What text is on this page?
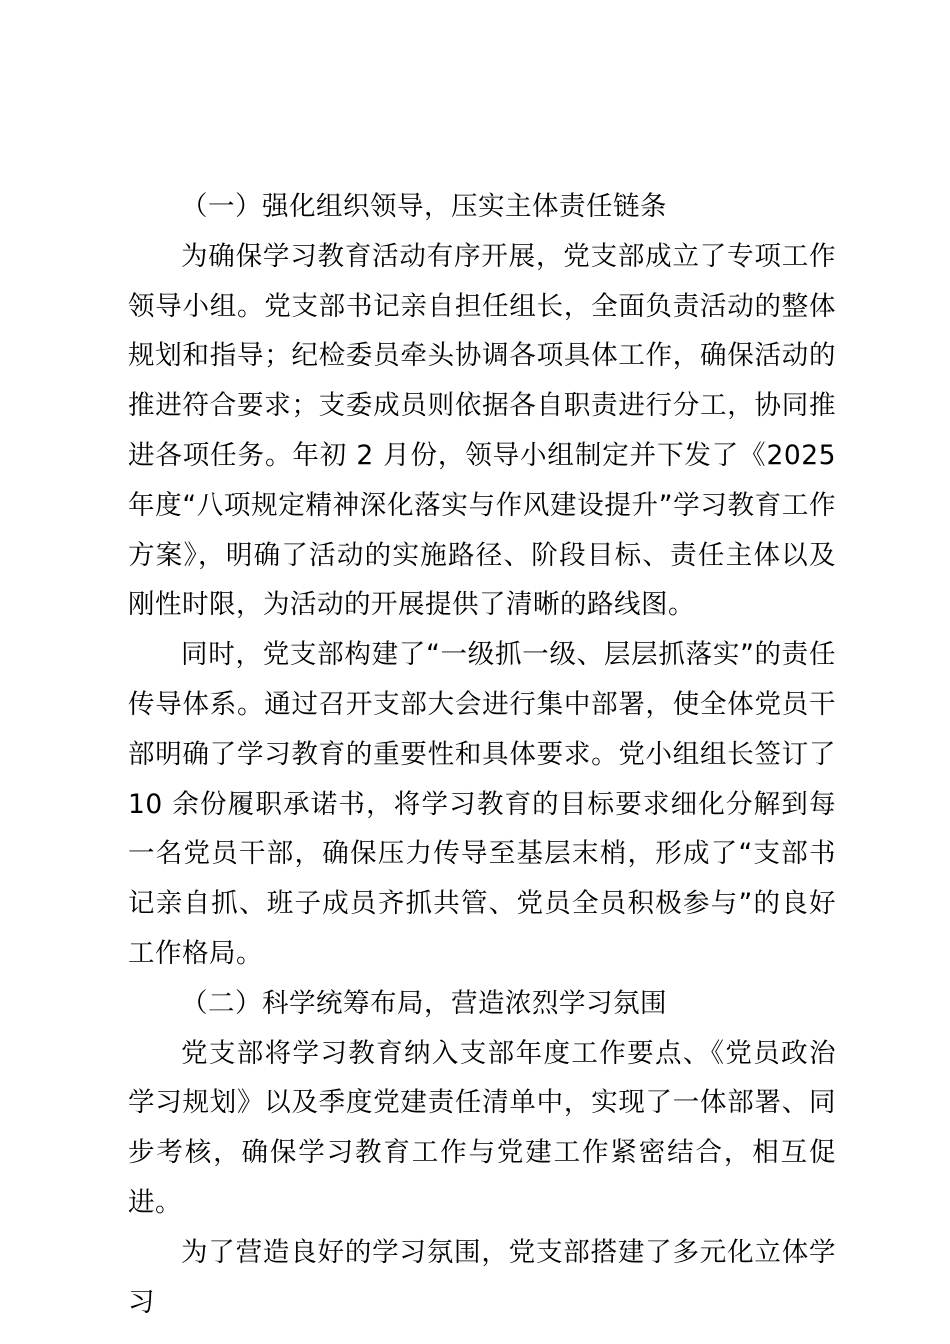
（一）强化组织领导，压实主体责任链条

为确保学习教育活动有序开展，党支部成立了专项工作领导小组。党支部书记亲自担任组长，全面负责活动的整体规划和指导；纪检委员牵头协调各项具体工作，确保活动的推进符合要求；支委成员则依据各自职责进行分工，协同推进各项任务。年初 2 月份，领导小组制定并下发了《2025 年度“八项规定精神深化落实与作风建设提升”学习教育工作方案》，明确了活动的实施路径、阶段目标、责任主体以及刚性时限，为活动的开展提供了清晰的路线图。

同时，党支部构建了“一级抓一级、层层抓落实”的责任传导体系。通过召开支部大会进行集中部署，使全体党员干部明确了学习教育的重要性和具体要求。党小组组长签订了 10 余份履职承诺书，将学习教育的目标要求细化分解到每一名党员干部，确保压力传导至基层末梢，形成了“支部书记亲自抓、班子成员齐抓共管、党员全员积极参与”的良好工作格局。

（二）科学统筹布局，营造浓烈学习氛围

党支部将学习教育纳入支部年度工作要点、《党员政治学习规划》以及季度党建责任清单中，实现了一体部署、同步考核，确保学习教育工作与党建工作紧密结合，相互促进。

为了营造良好的学习氛围，党支部搭建了多元化立体学习
